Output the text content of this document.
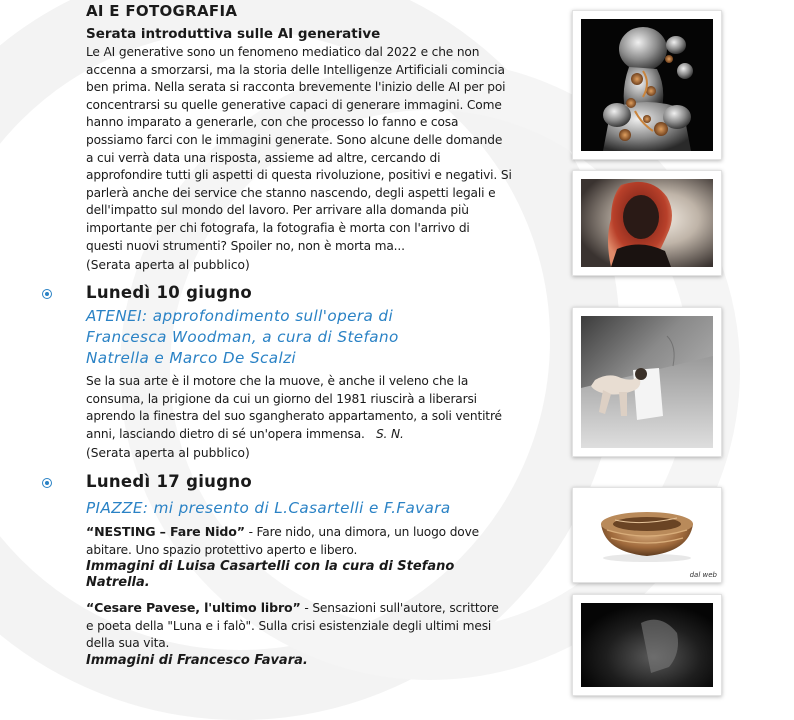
AI E FOTOGRAFIA

Serata introduttiva sulle AI generative

Le AI generative sono un fenomeno mediatico dal 2022 e che non

accenna a smorzarsi, ma la storia delle Intelligenze Artificiali comincia

ben prima. Nella serata si racconta brevemente l'inizio delle AI per poi

concentrarsi su quelle generative capaci di generare immagini. Come

hanno imparato a generarle, con che processo lo fanno e cosa

possiamo farci con le immagini generate. Sono alcune delle domande

a cui verrà data una risposta, assieme ad altre, cercando di

approfondire tutti gli aspetti di questa rivoluzione, positivi e negativi. Si

parlerà anche dei service che stanno nascendo, degli aspetti legali e

dell'impatto sul mondo del lavoro. Per arrivare alla domanda più

importante per chi fotografa, la fotografia è morta con l'arrivo di

questi nuovi strumenti? Spoiler no, non è morta ma...

(Serata aperta al pubblico)

Lunedì 10 giugno

ATENEI: approfondimento sull'opera di

Francesca Woodman, a cura di Stefano

Natrella e Marco De Scalzi

Se la sua arte è il motore che la muove, è anche il veleno che la

consuma, la prigione da cui un giorno del 1981 riuscirà a liberarsi

aprendo la finestra del suo sgangherato appartamento, a soli ventitré

anni, lasciando dietro di sé un'opera immensa. S. N.

(Serata aperta al pubblico)

Lunedì 17 giugno

PIAZZE: mi presento di L.Casartelli e F.Favara

“NESTING – Fare Nido” - Fare nido, una dimora, un luogo dove

abitare. Uno spazio protettivo aperto e libero.

Immagini di Luisa Casartelli con la cura di Stefano

Natrella.

“Cesare Pavese, l'ultimo libro” - Sensazioni sull'autore, scrittore

e poeta della "Luna e i falò". Sulla crisi esistenziale degli ultimi mesi

della sua vita.

Immagini di Francesco Favara.

dal web
